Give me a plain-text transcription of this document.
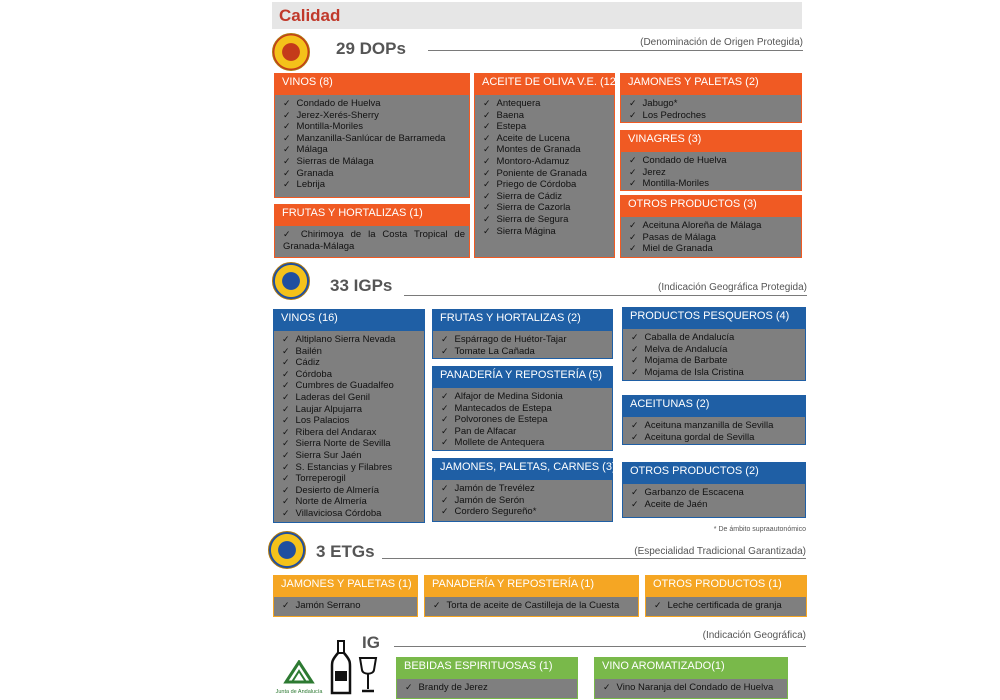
Calidad
29 DOPs	(Denominación de Origen Protegida)
VINOS (8)
✓ Condado de Huelva
✓ Jerez-Xerés-Sherry
✓ Montilla-Moriles
✓ Manzanilla-Sanlúcar de Barrameda
✓ Málaga
✓ Sierras de Málaga
✓ Granada
✓ Lebrija
ACEITE DE OLIVA V.E. (12)
✓ Antequera
✓ Baena
✓ Estepa
✓ Aceite de Lucena
✓ Montes de Granada
✓ Montoro-Adamuz
✓ Poniente de Granada
✓ Priego de Córdoba
✓ Sierra de Cádiz
✓ Sierra de Cazorla
✓ Sierra de Segura
✓ Sierra Mágina
JAMONES Y PALETAS (2)
✓ Jabugo*
✓ Los Pedroches
VINAGRES (3)
✓ Condado de Huelva
✓ Jerez
✓ Montilla-Moriles
FRUTAS Y HORTALIZAS (1)
✓ Chirimoya de la Costa Tropical de Granada-Málaga
OTROS PRODUCTOS (3)
✓ Aceituna Aloreña de Málaga
✓ Pasas de Málaga
✓ Miel de Granada
33 IGPs	(Indicación Geográfica Protegida)
VINOS (16)
✓ Altiplano Sierra Nevada
✓ Bailén
✓ Cádiz
✓ Córdoba
✓ Cumbres de Guadalfeo
✓ Laderas del Genil
✓ Laujar Alpujarra
✓ Los Palacios
✓ Ribera del Andarax
✓ Sierra Norte de Sevilla
✓ Sierra Sur Jaén
✓ S. Estancias y Filabres
✓ Torreperogil
✓ Desierto de Almería
✓ Norte de Almería
✓ Villaviciosa Córdoba
FRUTAS Y HORTALIZAS (2)
✓ Espárrago de Huétor-Tajar
✓ Tomate La Cañada
PANADERÍA Y REPOSTERÍA (5)
✓ Alfajor de Medina Sidonia
✓ Mantecados de Estepa
✓ Polvorones de Estepa
✓ Pan de Alfacar
✓ Mollete de Antequera
JAMONES, PALETAS, CARNES (3)
✓ Jamón de Trevélez
✓ Jamón de Serón
✓ Cordero Segureño*
PRODUCTOS PESQUEROS (4)
✓ Caballa de Andalucía
✓ Melva de Andalucía
✓ Mojama de Barbate
✓ Mojama de Isla Cristina
ACEITUNAS (2)
✓ Aceituna manzanilla de Sevilla
✓ Aceituna gordal de Sevilla
OTROS PRODUCTOS (2)
✓ Garbanzo de Escacena
✓ Aceite de Jaén
* De ámbito supraautonómico
3 ETGs	(Especialidad Tradicional Garantizada)
JAMONES Y PALETAS (1)
✓ Jamón Serrano
PANADERÍA Y REPOSTERÍA (1)
✓ Torta de aceite de Castilleja de la Cuesta
OTROS PRODUCTOS (1)
✓ Leche certificada de granja
IG	(Indicación Geográfica)
Junta de Andalucía
BEBIDAS ESPIRITUOSAS (1)
✓ Brandy de Jerez
VINO AROMATIZADO(1)
✓ Vino Naranja del Condado de Huelva
